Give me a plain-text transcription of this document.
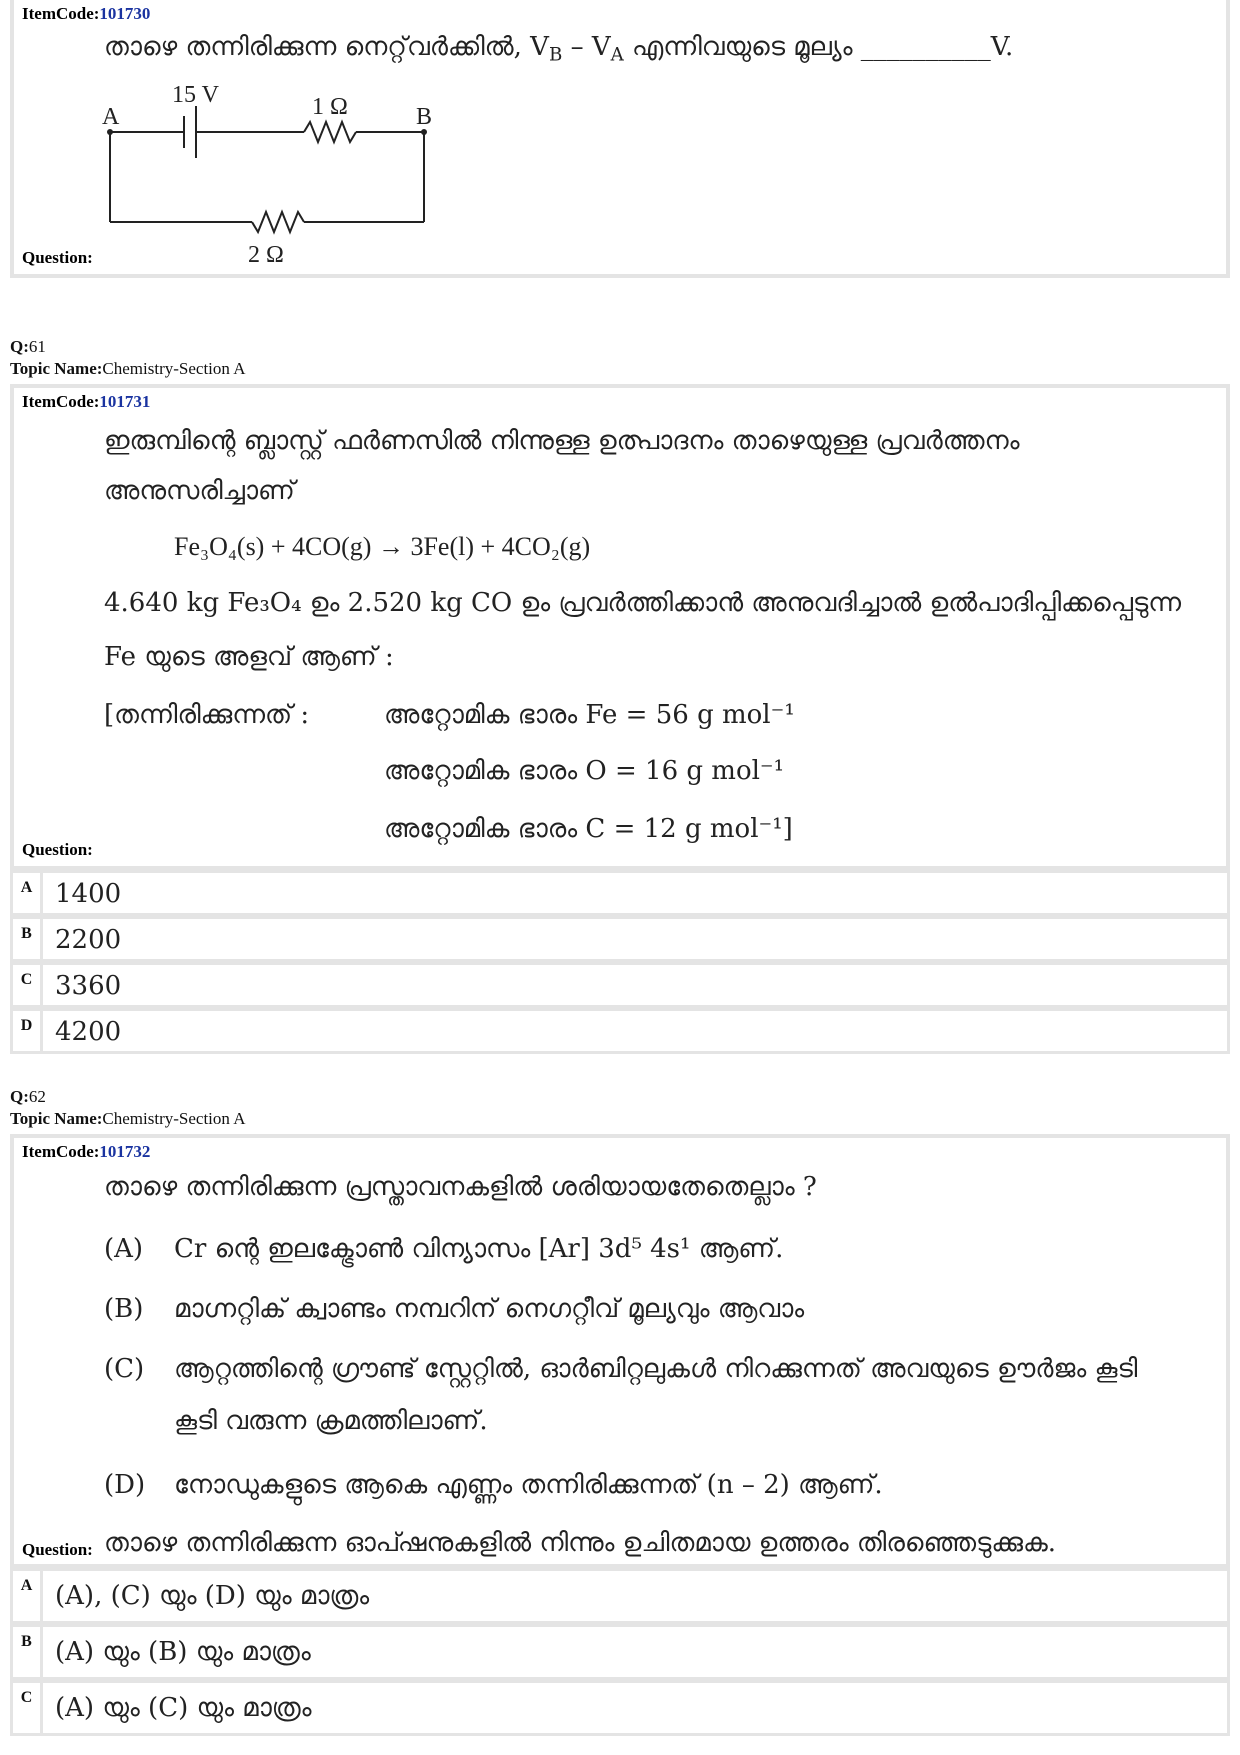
ItemCode:101730
താഴെ തന്നിരിക്കുന്ന നെറ്റ്‌വർക്കിൽ, $V_B - V_A$ എന്നിവയുടെ മൂല്യം __________V.
A	B
15 V	1 Ω
2 Ω
Question:
Q:61
Topic Name:Chemistry-Section A
ItemCode:101731
ഇരുമ്പിന്റെ ബ്ലാസ്റ്റ് ഫർണസിൽ നിന്നുള്ള ഉത്പാദനം താഴെയുള്ള പ്രവർത്തനം
അനുസരിച്ചാണ്
Fe₃O₄(s) + 4CO(g) → 3Fe(l) + 4CO₂(g)
4.640 kg Fe₃O₄ ഉം 2.520 kg CO ഉം പ്രവർത്തിക്കാൻ അനുവദിച്ചാൽ ഉൽപാദിപ്പിക്കപ്പെടുന്ന
Fe യുടെ അളവ് ആണ് :
[തന്നിരിക്കുന്നത് :	അറ്റോമിക ഭാരം Fe = 56 g mol⁻¹
അറ്റോമിക ഭാരം O = 16 g mol⁻¹
അറ്റോമിക ഭാരം C = 12 g mol⁻¹]
Question:
A 1400
B 2200
C 3360
D 4200
Q:62
Topic Name:Chemistry-Section A
ItemCode:101732
താഴെ തന്നിരിക്കുന്ന പ്രസ്താവനകളിൽ ശരിയായതേതെല്ലാം ?
(A) Cr ന്റെ ഇലക്ട്രോൺ വിന്യാസം [Ar] 3d⁵ 4s¹ ആണ്.
(B) മാഗ്നറ്റിക് ക്വാണ്ടം നമ്പറിന് നെഗറ്റീവ് മൂല്യവും ആവാം
(C) ആറ്റത്തിന്റെ ഗ്രൗണ്ട് സ്റ്റേറ്റിൽ, ഓർബിറ്റലുകൾ നിറക്കുന്നത് അവയുടെ ഊർജം കൂടി
കൂടി വരുന്ന ക്രമത്തിലാണ്.
(D) നോഡുകളുടെ ആകെ എണ്ണം തന്നിരിക്കുന്നത് (n – 2) ആണ്.
താഴെ തന്നിരിക്കുന്ന ഓപ്ഷനുകളിൽ നിന്നും ഉചിതമായ ഉത്തരം തിരഞ്ഞെടുക്കുക.
Question:
A (A), (C) യും (D) യും മാത്രം
B (A) യും (B) യും മാത്രം
C (A) യും (C) യും മാത്രം
